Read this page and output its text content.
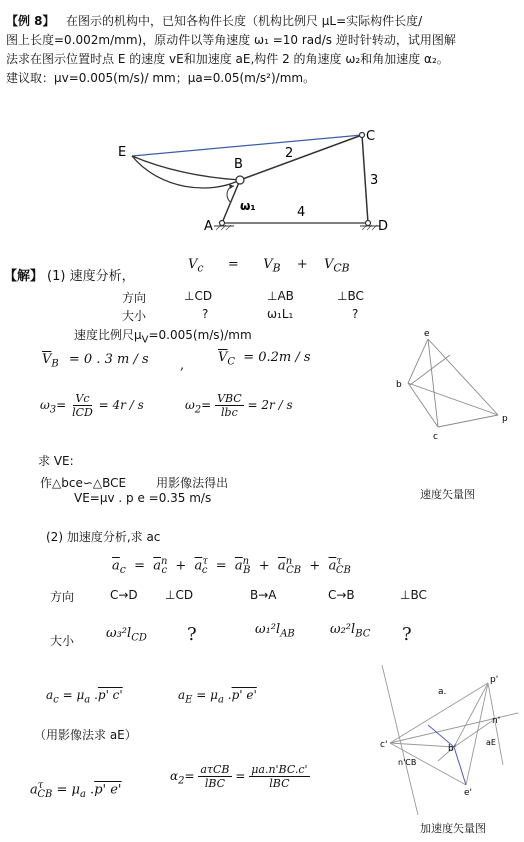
【例 8】 在图示的机构中，已知各构件长度（机构比例尺 μL=实际构件长度/
图上长度=0.002m/mm)，原动件以等角速度 ω₁ =10 rad/s 逆时针转动，试用图解
法求在图示位置时点 E 的速度 vE和加速度 aE,构件 2 的角速度 ω₂和角加速度 α₂。
建议取：μv=0.005(m/s)/ mm；μa=0.05(m/s²)/mm。
E
B
C
A	D
2
3
4
ω₁
【解】 (1) 速度分析，
$V_c = V_B + V_{CB}$
方向	⊥CD	⊥AB	⊥BC
大小	?	ω₁L₁	?
速度比例尺$\mu_V=0.005(m/s)/mm$
$\overline{V}_B = 0$ . 3 m / s ,
$\overline{V}_C = 0.2m / s$
$\omega_3= \frac{Vc}{\text{lCD}} = 4r / s$	$\omega_2= \frac{\text{VBC}}{\text{lbc}} = 2r / s$
求 VE:
作△bce∽△BCE	用影像法得出
VE=μv . p e =0.35 m/s
e
b
p
c
速度矢量图
(2) 加速度分析,求 ac
$\overline{a}_c = \overline{a}^n_c + \overline{a}^\tau_c = \overline{a}^n_B + \overline{a}^n_{CB} + \overline{a}^\tau_{CB}$
方向	C→D ⊥CD	B→A	C→B	⊥BC
大小 $\omega_3^2l_{CD}$ ?	$\omega_1^2l_{AB}$	$\omega_2^2l_{BC}$ ?
$a_c = \mu_a$ .p' c'	$a_E = \mu_a$ .p' e'
（用影像法求 aE）
$a^\tau_{CB} = \mu_a$ .p' e'
$\alpha_2= \frac{\text{aτCB}}{\text{lBC}} = \frac{\mu a.n'BC.c'}{\text{lBC}}$
p'
a.
n'
aE
c'	b'
n'CB
e'
加速度矢量图
